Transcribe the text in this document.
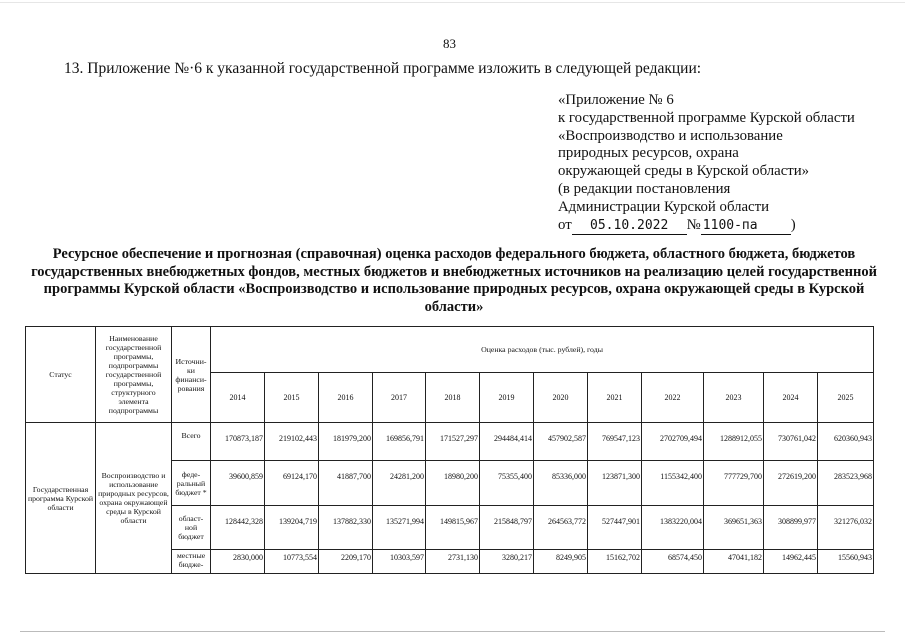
83
13. Приложение №·6 к указанной государственной программе изложить в следующей редакции:
«Приложение № 6
к государственной программе Курской области
«Воспроизводство и использование
природных ресурсов, охрана
окружающей среды в Курской области»
(в редакции постановления
Администрации Курской области
от 05.10.2022 № 1100-па )
Ресурсное обеспечение и прогнозная (справочная) оценка расходов федерального бюджета, областного бюджета, бюджетов государственных внебюджетных фондов, местных бюджетов и внебюджетных источников на реализацию целей государственной программы Курской области «Воспроизводство и использование природных ресурсов, охрана окружающей среды в Курской области»
Статус	Наименование государственной программы, подпрограммы государственной программы, структурного элемента подпрограммы	Источни-ки финанси-рования	Оценка расходов (тыс. рублей), годы											
			2014	2015	2016	2017	2018	2019	2020	2021	2022	2023	2024	2025
Государственная программа Курской области	Воспроизводство и использование природных ресурсов, охрана окружающей среды в Курской области	Всего	170873,187	219102,443	181979,200	169856,791	171527,297	294484,414	457902,587	769547,123	2702709,494	1288912,055	730761,042	620360,943
		феде-ральный бюджет *	39600,859	69124,170	41887,700	24281,200	18980,200	75355,400	85336,000	123871,300	1155342,400	777729,700	272619,200	283523,968
		област-ной бюджет	128442,328	139204,719	137882,330	135271,994	149815,967	215848,797	264563,772	527447,901	1383220,004	369651,363	308899,977	321276,032
		местные бюдже-	2830,000	10773,554	2209,170	10303,597	2731,130	3280,217	8249,905	15162,702	68574,450	47041,182	14962,445	15560,943
